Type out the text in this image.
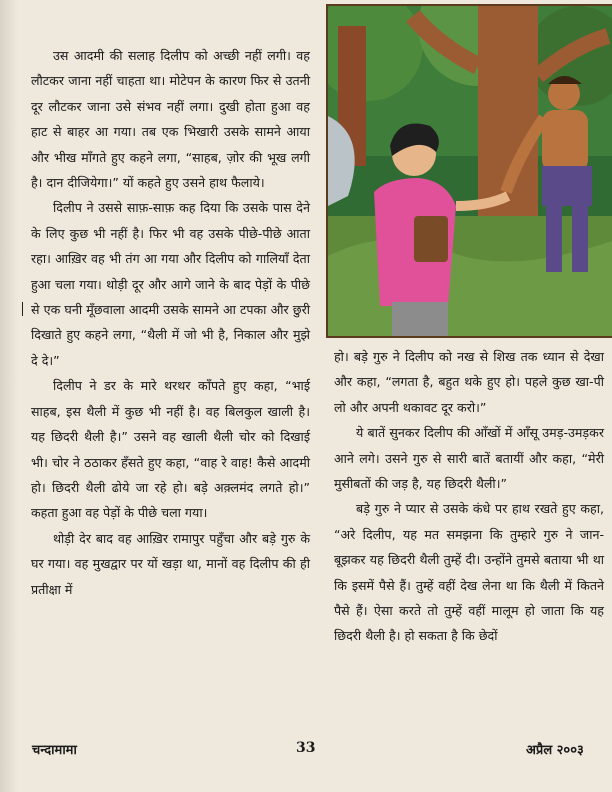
उस आदमी की सलाह दिलीप को अच्छी नहीं लगी। वह लौटकर जाना नहीं चाहता था। मोटेपन के कारण फिर से उतनी दूर लौटकर जाना उसे संभव नहीं लगा। दुखी होता हुआ वह हाट से बाहर आ गया। तब एक भिखारी उसके सामने आया और भीख माँगते हुए कहने लगा, “साहब, ज़ोर की भूख लगी है। दान दीजियेगा।” यों कहते हुए उसने हाथ फैलाये।

दिलीप ने उससे साफ़-साफ़ कह दिया कि उसके पास देने के लिए कुछ भी नहीं है। फिर भी वह उसके पीछे-पीछे आता रहा। आख़िर वह भी तंग आ गया और दिलीप को गालियाँ देता हुआ चला गया। थोड़ी दूर और आगे जाने के बाद पेड़ों के पीछे से एक घनी मूँछवाला आदमी उसके सामने आ टपका और छुरी दिखाते हुए कहने लगा, “थैली में जो भी है, निकाल और मुझे दे दे।”

दिलीप ने डर के मारे थरथर काँपते हुए कहा, “भाई साहब, इस थैली में कुछ भी नहीं है। वह बिलकुल खाली है। यह छिदरी थैली है।” उसने वह खाली थैली चोर को दिखाई भी। चोर ने ठठाकर हँसते हुए कहा, “वाह रे वाह! कैसे आदमी हो। छिदरी थैली ढोये जा रहे हो। बड़े अक़्लमंद लगते हो।” कहता हुआ वह पेड़ों के पीछे चला गया।

थोड़ी देर बाद वह आख़िर रामापुर पहुँचा और बड़े गुरु के घर गया। वह मुखद्वार पर यों खड़ा था, मानों वह दिलीप की ही प्रतीक्षा में

हो। बड़े गुरु ने दिलीप को नख से शिख तक ध्यान से देखा और कहा, “लगता है, बहुत थके हुए हो। पहले कुछ खा-पी लो और अपनी थकावट दूर करो।”

ये बातें सुनकर दिलीप की आँखों में आँसू उमड़-उमड़कर आने लगे। उसने गुरु से सारी बातें बतायीं और कहा, “मेरी मुसीबतों की जड़ है, यह छिदरी थैली।”

बड़े गुरु ने प्यार से उसके कंधे पर हाथ रखते हुए कहा, “अरे दिलीप, यह मत समझना कि तुम्हारे गुरु ने जान-बूझकर यह छिदरी थैली तुम्हें दी। उन्होंने तुमसे बताया भी था कि इसमें पैसे हैं। तुम्हें वहीं देख लेना था कि थैली में कितने पैसे हैं। ऐसा करते तो तुम्हें वहीं मालूम हो जाता कि यह छिदरी थैली है। हो सकता है कि छेदों

चन्दामामा	33	अप्रैल २००३
